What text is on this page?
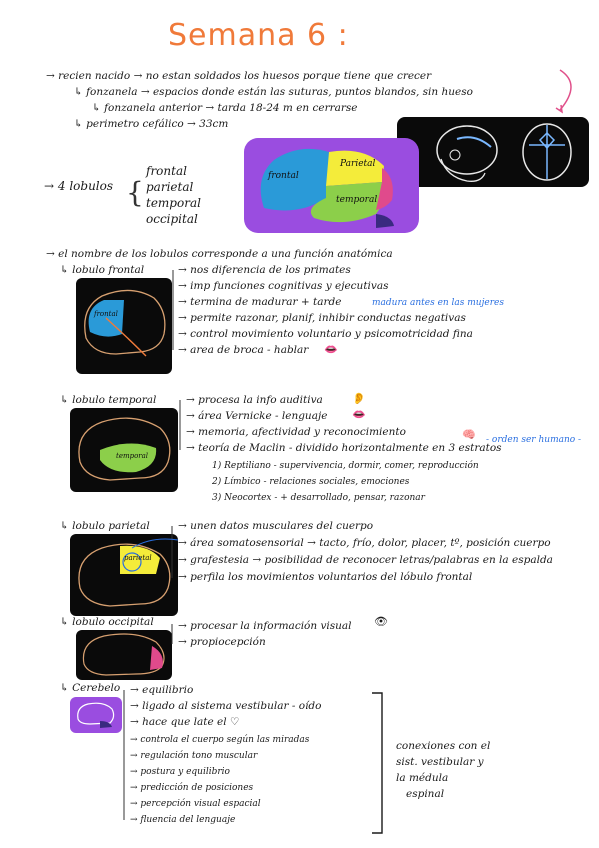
Semana 6 :
→ recien nacido → no estan soldados los huesos porque tiene que crecer
↳ fonzanela → espacios donde están las suturas, puntos blandos, sin hueso
↳ fonzanela anterior → tarda 18-24 m en cerrarse
↳ perimetro cefálico → 33cm
→ 4 lobulos {
frontal
parietal
temporal
occipital
frontal
Parietal
temporal
→ el nombre de los lobulos corresponde a una función anatómica
↳ lobulo frontal
frontal
→ nos diferencia de los primates
→ imp funciones cognitivas y ejecutivas
→ termina de madurar + tarde	madura antes en las mujeres
→ permite razonar, planif, inhibir conductas negativas
→ control movimiento voluntario y psicomotricidad fina
→ area de broca - hablar 👄
↳ lobulo temporal
temporal
→ procesa la info auditiva	👂
→ área Vernicke - lenguaje 👄
→ memoria, afectividad y reconocimiento
- orden ser humano -
→ teoría de Maclin - dividido horizontalmente en 3 estratos
🧠
1) Reptiliano - supervivencia, dormir, comer, reproducción
2) Límbico - relaciones sociales, emociones
3) Neocortex - + desarrollado, pensar, razonar
↳ lobulo parietal
parietal
→ unen datos musculares del cuerpo
→ área somatosensorial → tacto, frío, dolor, placer, tº, posición cuerpo
→ grafestesia → posibilidad de reconocer letras/palabras en la espalda
→ perfila los movimientos voluntarios del lóbulo frontal
↳ lobulo occipital	👁
→ procesar la información visual
→ propiocepción
↳ Cerebelo → equilibrio
→ ligado al sistema vestibular - oído
→ hace que late el ♡
→ controla el cuerpo según las miradas
→ regulación tono muscular
→ postura y equilibrio
→ predicción de posiciones
→ percepción visual espacial
→ fluencia del lenguaje
conexiones con el
sist. vestibular y
la médula
espinal
